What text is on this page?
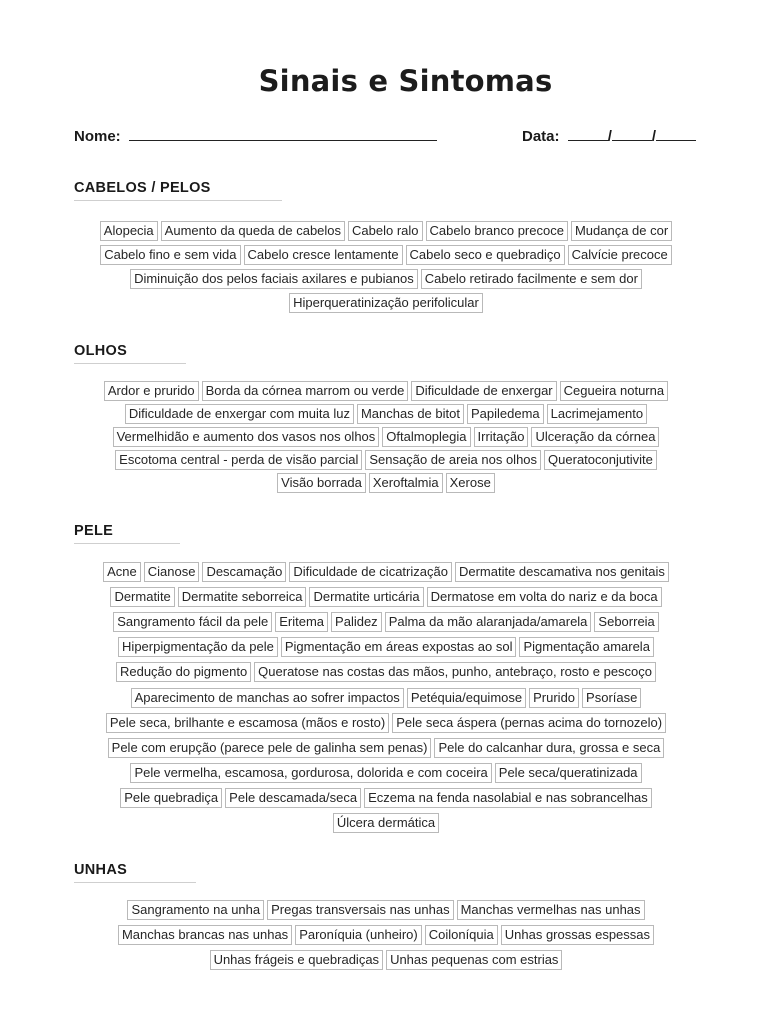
Sinais e Sintomas
Nome:	Data:	/	/
CABELOS / PELOS
Alopecia Aumento da queda de cabelos Cabelo ralo Cabelo branco precoce Mudança de cor
Cabelo fino e sem vida Cabelo cresce lentamente Cabelo seco e quebradiço Calvície precoce
Diminuição dos pelos faciais axilares e pubianos Cabelo retirado facilmente e sem dor
Hiperqueratinização perifolicular
OLHOS
Ardor e prurido Borda da córnea marrom ou verde Dificuldade de enxergar Cegueira noturna
Dificuldade de enxergar com muita luz Manchas de bitot Papiledema Lacrimejamento
Vermelhidão e aumento dos vasos nos olhos Oftalmoplegia Irritação Ulceração da córnea
Escotoma central - perda de visão parcial Sensação de areia nos olhos Queratoconjutivite
Visão borrada Xeroftalmia Xerose
PELE
Acne Cianose Descamação Dificuldade de cicatrização Dermatite descamativa nos genitais
Dermatite Dermatite seborreica Dermatite urticária Dermatose em volta do nariz e da boca
Sangramento fácil da pele Eritema Palidez Palma da mão alaranjada/amarela Seborreia
Hiperpigmentação da pele Pigmentação em áreas expostas ao sol Pigmentação amarela
Redução do pigmento Queratose nas costas das mãos, punho, antebraço, rosto e pescoço
Aparecimento de manchas ao sofrer impactos Petéquia/equimose Prurido Psoríase
Pele seca, brilhante e escamosa (mãos e rosto) Pele seca áspera (pernas acima do tornozelo)
Pele com erupção (parece pele de galinha sem penas) Pele do calcanhar dura, grossa e seca
Pele vermelha, escamosa, gordurosa, dolorida e com coceira Pele seca/queratinizada
Pele quebradiça Pele descamada/seca Eczema na fenda nasolabial e nas sobrancelhas
Úlcera dermática
UNHAS
Sangramento na unha Pregas transversais nas unhas Manchas vermelhas nas unhas
Manchas brancas nas unhas Paroníquia (unheiro) Coiloníquia Unhas grossas espessas
Unhas frágeis e quebradiças Unhas pequenas com estrias
